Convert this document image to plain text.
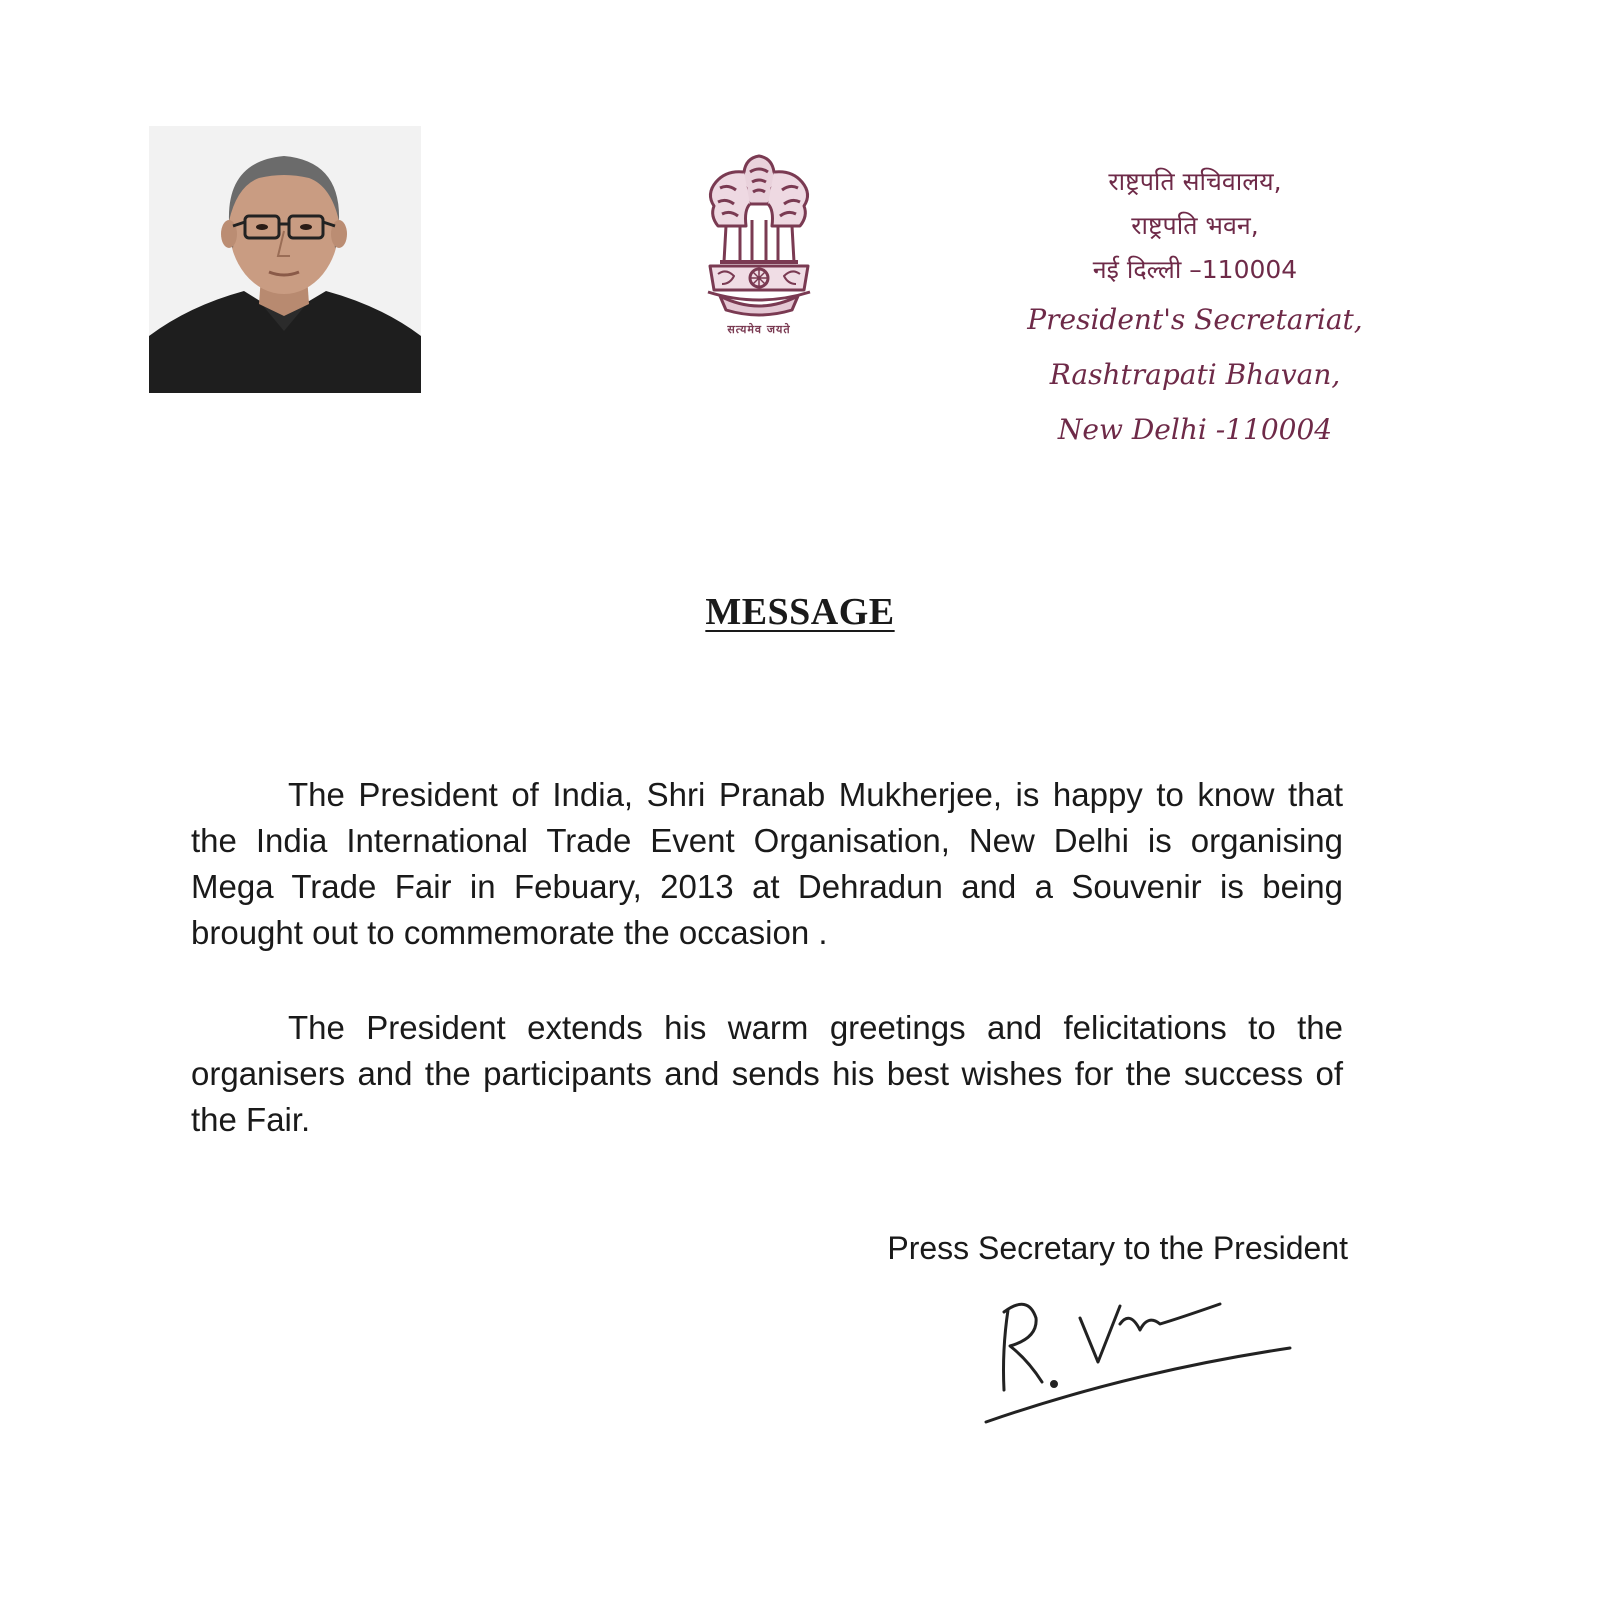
सत्यमेव जयते
राष्ट्रपति सचिवालय,
राष्ट्रपति भवन,
नई दिल्ली –110004
President's Secretariat,
Rashtrapati Bhavan,
New Delhi -110004
MESSAGE

The President of India, Shri Pranab Mukherjee, is happy to know that the India International Trade Event Organisation, New Delhi is organising Mega Trade Fair in Febuary, 2013 at Dehradun and a Souvenir is being brought out to commemorate the occasion .

The President extends his warm greetings and felicitations to the organisers and the participants and sends his best wishes for the success of the Fair.

Press Secretary to the President
